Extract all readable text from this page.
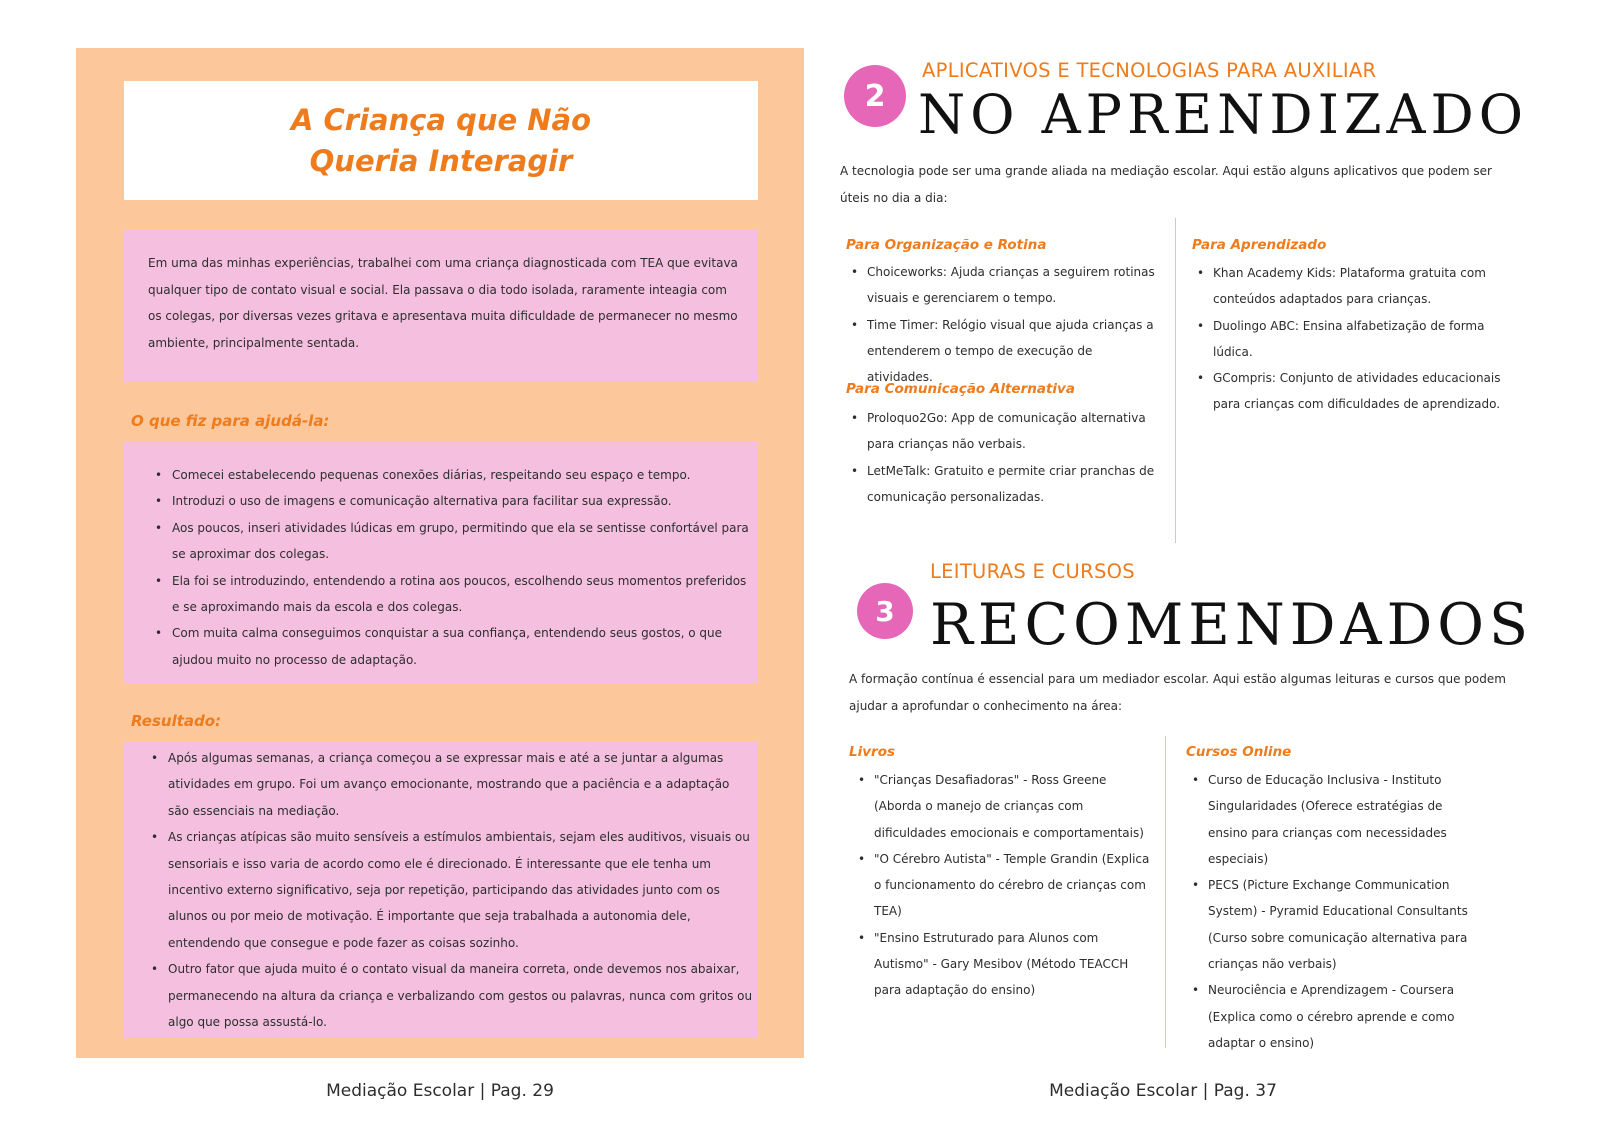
A Criança que Não
Queria Interagir

Em uma das minhas experiências, trabalhei com uma criança diagnosticada com TEA que evitava qualquer tipo de contato visual e social. Ela passava o dia todo isolada, raramente inteagia com os colegas, por diversas vezes gritava e apresentava muita dificuldade de permanecer no mesmo ambiente, principalmente sentada.

O que fiz para ajudá-la:
• Comecei estabelecendo pequenas conexões diárias, respeitando seu espaço e tempo.
• Introduzi o uso de imagens e comunicação alternativa para facilitar sua expressão.
• Aos poucos, inseri atividades lúdicas em grupo, permitindo que ela se sentisse confortável para se aproximar dos colegas.
• Ela foi se introduzindo, entendendo a rotina aos poucos, escolhendo seus momentos preferidos e se aproximando mais da escola e dos colegas.
• Com muita calma conseguimos conquistar a sua confiança, entendendo seus gostos, o que ajudou muito no processo de adaptação.
Resultado:
• Após algumas semanas, a criança começou a se expressar mais e até a se juntar a algumas atividades em grupo. Foi um avanço emocionante, mostrando que a paciência e a adaptação são essenciais na mediação.
• As crianças atípicas são muito sensíveis a estímulos ambientais, sejam eles auditivos, visuais ou sensoriais e isso varia de acordo como ele é direcionado. É interessante que ele tenha um incentivo externo significativo, seja por repetição, participando das atividades junto com os alunos ou por meio de motivação. É importante que seja trabalhada a autonomia dele, entendendo que consegue e pode fazer as coisas sozinho.
• Outro fator que ajuda muito é o contato visual da maneira correta, onde devemos nos abaixar, permanecendo na altura da criança e verbalizando com gestos ou palavras, nunca com gritos ou algo que possa assustá-lo.
Mediação Escolar | Pag. 29
2
APLICATIVOS E TECNOLOGIAS PARA AUXILIAR
NO APRENDIZADO

A tecnologia pode ser uma grande aliada na mediação escolar. Aqui estão alguns aplicativos que podem ser úteis no dia a dia:

Para Organização e Rotina
• Choiceworks: Ajuda crianças a seguirem rotinas visuais e gerenciarem o tempo.
• Time Timer: Relógio visual que ajuda crianças a entenderem o tempo de execução de atividades.
Para Comunicação Alternativa
• Proloquo2Go: App de comunicação alternativa para crianças não verbais.
• LetMeTalk: Gratuito e permite criar pranchas de comunicação personalizadas.
Para Aprendizado
• Khan Academy Kids: Plataforma gratuita com conteúdos adaptados para crianças.
• Duolingo ABC: Ensina alfabetização de forma lúdica.
• GCompris: Conjunto de atividades educacionais para crianças com dificuldades de aprendizado.
3
LEITURAS E CURSOS
RECOMENDADOS

A formação contínua é essencial para um mediador escolar. Aqui estão algumas leituras e cursos que podem ajudar a aprofundar o conhecimento na área:

Livros
• "Crianças Desafiadoras" - Ross Greene (Aborda o manejo de crianças com dificuldades emocionais e comportamentais)
• "O Cérebro Autista" - Temple Grandin (Explica o funcionamento do cérebro de crianças com TEA)
• "Ensino Estruturado para Alunos com Autismo" - Gary Mesibov (Método TEACCH para adaptação do ensino)
Cursos Online
• Curso de Educação Inclusiva - Instituto Singularidades (Oferece estratégias de ensino para crianças com necessidades especiais)
• PECS (Picture Exchange Communication System) - Pyramid Educational Consultants (Curso sobre comunicação alternativa para crianças não verbais)
• Neurociência e Aprendizagem - Coursera (Explica como o cérebro aprende e como adaptar o ensino)
Mediação Escolar | Pag. 37
